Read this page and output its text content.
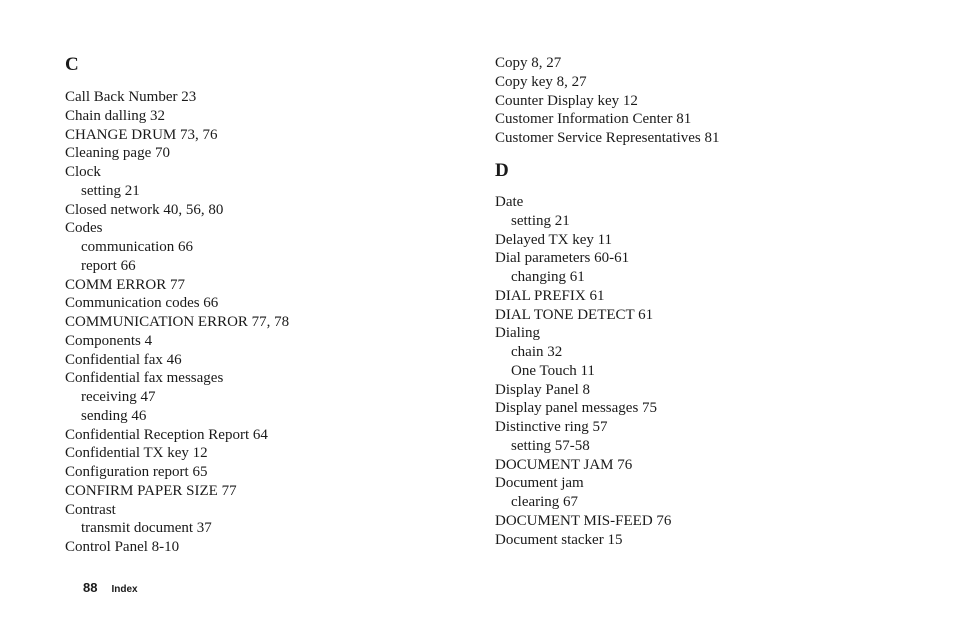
C
Call Back Number 23
Chain dalling 32
CHANGE DRUM 73, 76
Cleaning page 70
Clock
setting 21
Closed network 40, 56, 80
Codes
communication 66
report 66
COMM ERROR 77
Communication codes 66
COMMUNICATION ERROR 77, 78
Components 4
Confidential fax 46
Confidential fax messages
receiving 47
sending 46
Confidential Reception Report 64
Confidential TX key 12
Configuration report 65
CONFIRM PAPER SIZE 77
Contrast
transmit document 37
Control Panel 8-10
Copy 8, 27
Copy key 8, 27
Counter Display key 12
Customer Information Center 81
Customer Service Representatives 81
D
Date
setting 21
Delayed TX key 11
Dial parameters 60-61
changing 61
DIAL PREFIX 61
DIAL TONE DETECT 61
Dialing
chain 32
One Touch 11
Display Panel 8
Display panel messages 75
Distinctive ring 57
setting 57-58
DOCUMENT JAM 76
Document jam
clearing 67
DOCUMENT MIS-FEED 76
Document stacker 15
88 Index
